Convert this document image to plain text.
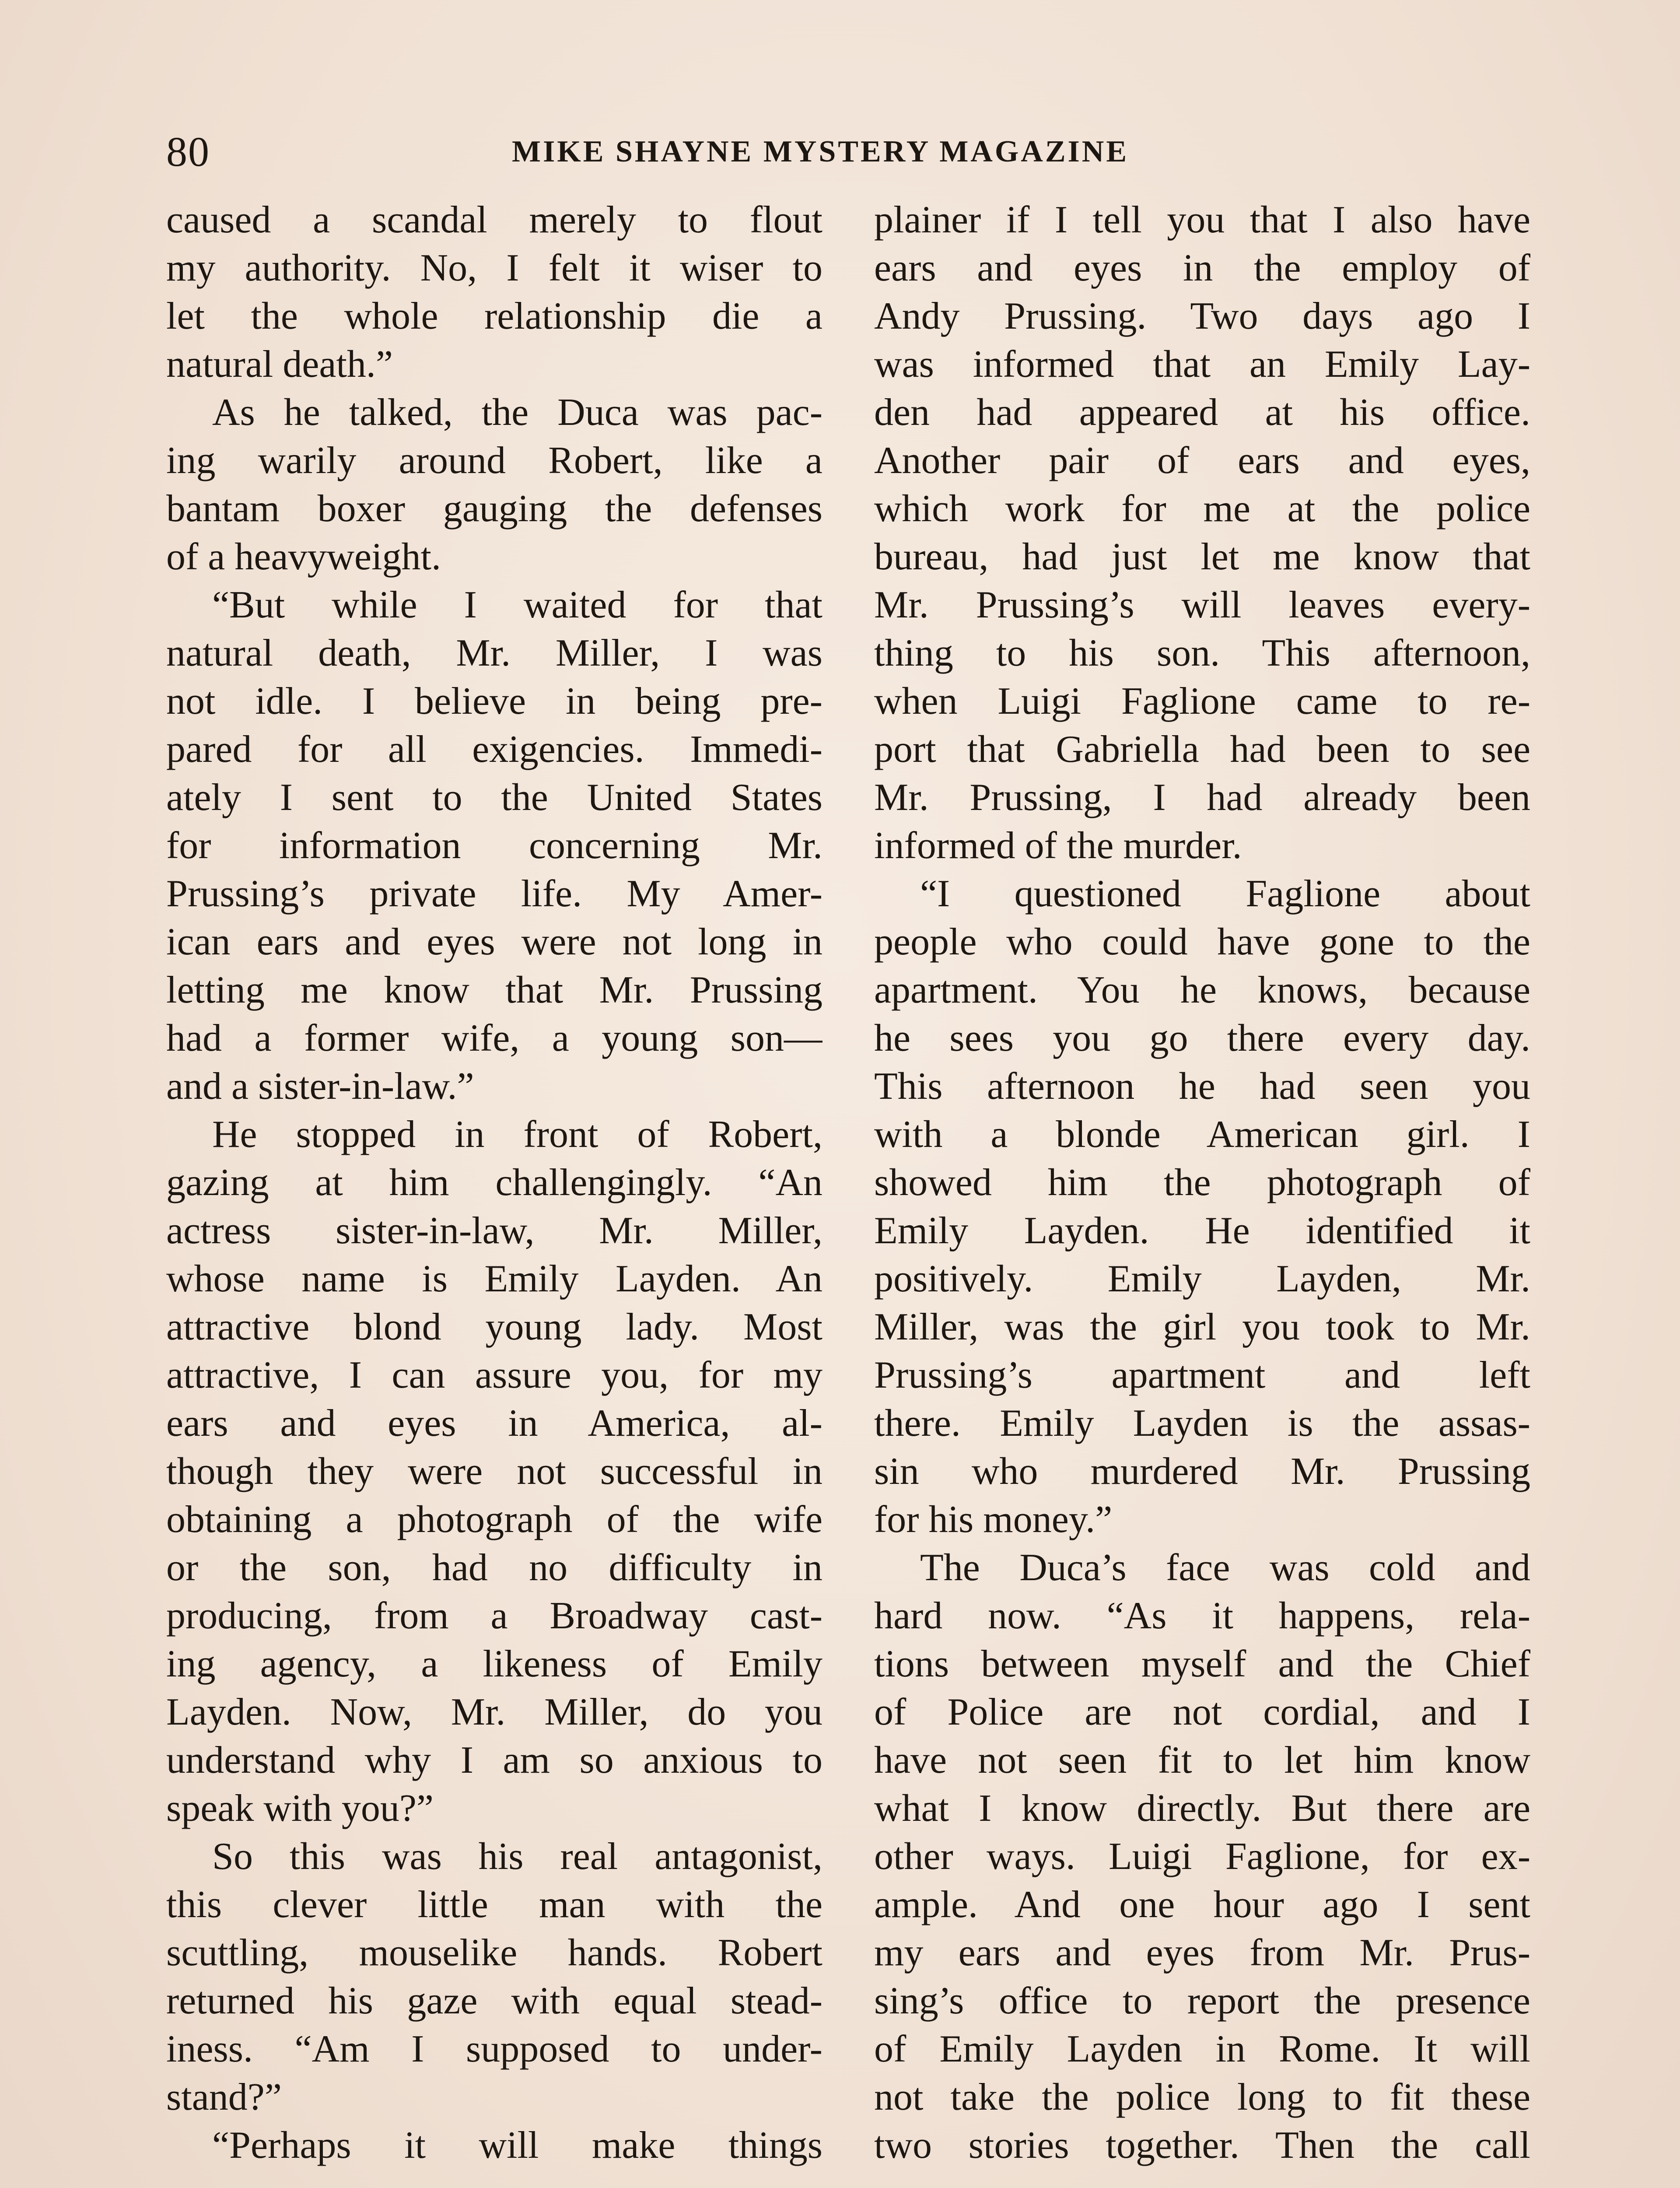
80	MIKE SHAYNE MYSTERY MAGAZINE
caused a scandal merely to flout
my authority. No, I felt it wiser to
let the whole relationship die a
natural death.”
As he talked, the Duca was pac-
ing warily around Robert, like a
bantam boxer gauging the defenses
of a heavyweight.
“But while I waited for that
natural death, Mr. Miller, I was
not idle. I believe in being pre-
pared for all exigencies. Immedi-
ately I sent to the United States
for information concerning Mr.
Prussing’s private life. My Amer-
ican ears and eyes were not long in
letting me know that Mr. Prussing
had a former wife, a young son—
and a sister-in-law.”
He stopped in front of Robert,
gazing at him challengingly. “An
actress sister-in-law, Mr. Miller,
whose name is Emily Layden. An
attractive blond young lady. Most
attractive, I can assure you, for my
ears and eyes in America, al-
though they were not successful in
obtaining a photograph of the wife
or the son, had no difficulty in
producing, from a Broadway cast-
ing agency, a likeness of Emily
Layden. Now, Mr. Miller, do you
understand why I am so anxious to
speak with you?”
So this was his real antagonist,
this clever little man with the
scuttling, mouselike hands. Robert
returned his gaze with equal stead-
iness. “Am I supposed to under-
stand?”
“Perhaps it will make things
plainer if I tell you that I also have
ears and eyes in the employ of
Andy Prussing. Two days ago I
was informed that an Emily Lay-
den had appeared at his office.
Another pair of ears and eyes,
which work for me at the police
bureau, had just let me know that
Mr. Prussing’s will leaves every-
thing to his son. This afternoon,
when Luigi Faglione came to re-
port that Gabriella had been to see
Mr. Prussing, I had already been
informed of the murder.
“I questioned Faglione about
people who could have gone to the
apartment. You he knows, because
he sees you go there every day.
This afternoon he had seen you
with a blonde American girl. I
showed him the photograph of
Emily Layden. He identified it
positively. Emily Layden, Mr.
Miller, was the girl you took to Mr.
Prussing’s apartment and left
there. Emily Layden is the assas-
sin who murdered Mr. Prussing
for his money.”
The Duca’s face was cold and
hard now. “As it happens, rela-
tions between myself and the Chief
of Police are not cordial, and I
have not seen fit to let him know
what I know directly. But there are
other ways. Luigi Faglione, for ex-
ample. And one hour ago I sent
my ears and eyes from Mr. Prus-
sing’s office to report the presence
of Emily Layden in Rome. It will
not take the police long to fit these
two stories together. Then the call
